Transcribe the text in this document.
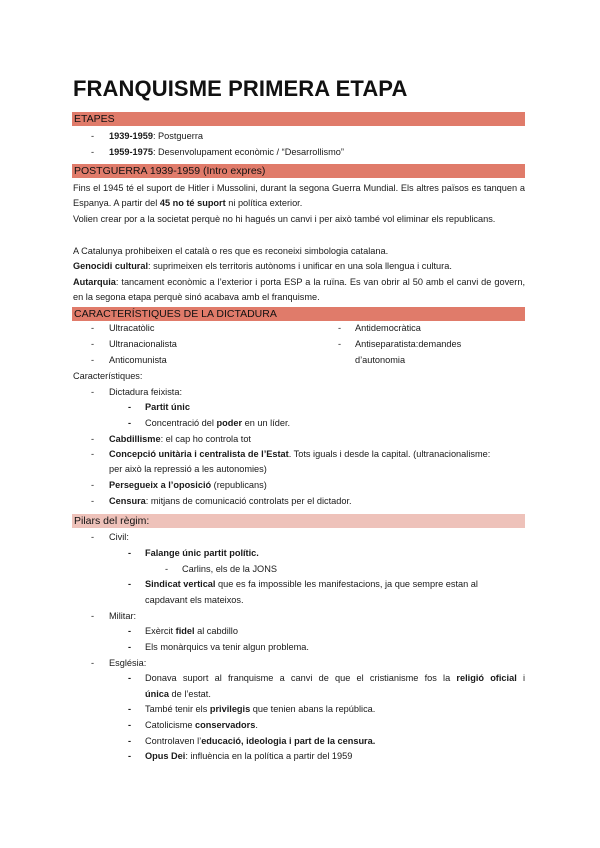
FRANQUISME PRIMERA ETAPA
ETAPES
- 1939-1959: Postguerra
- 1959-1975: Desenvolupament econòmic / “Desarrollismo”
POSTGUERRA 1939-1959 (Intro expres)
Fins el 1945 té el suport de Hitler i Mussolini, durant la segona Guerra Mundial. Els altres països es tanquen a Espanya. A partir del 45 no té suport ni política exterior.
Volien crear por a la societat perquè no hi hagués un canvi i per això també vol eliminar els republicans.
A Catalunya prohibeixen el català o res que es reconeixi simbologia catalana.
Genocidi cultural: suprimeixen els territoris autònoms i unificar en una sola llengua i cultura.
Autarquia: tancament econòmic a l’exterior i porta ESP a la ruïna. Es van obrir al 50 amb el canvi de govern, en la segona etapa perquè sinó acabava amb el franquisme.
CARACTERÍSTIQUES DE LA DICTADURA
- Ultracatòlic
- Ultranacionalista
- Anticomunista
- Antidemocràtica
- Antiseparatista:demandes
d’autonomia
Característiques:
- Dictadura feixista:
- Partit únic
- Concentració del poder en un líder.
- Cabdillisme: el cap ho controla tot
- Concepció unitària i centralista de l’Estat. Tots iguals i desde la capital. (ultranacionalisme:
per això la repressió a les autonomies)
- Persegueix a l’oposició (republicans)
- Censura: mitjans de comunicació controlats per el dictador.
Pilars del règim:
- Civil:
- Falange únic partit polític.
- Carlins, els de la JONS
- Sindicat vertical que es fa impossible les manifestacions, ja que sempre estan al
capdavant els mateixos.
- Militar:
- Exèrcit fidel al cabdillo
- Els monàrquics va tenir algun problema.
- Església:
- Donava suport al franquisme a canvi de que el cristianisme fos la religió oficial i
única de l’estat.
- També tenir els privilegis que tenien abans la república.
- Catolicisme conservadors.
- Controlaven l’educació, ideologia i part de la censura.
- Opus Dei: influència en la política a partir del 1959
